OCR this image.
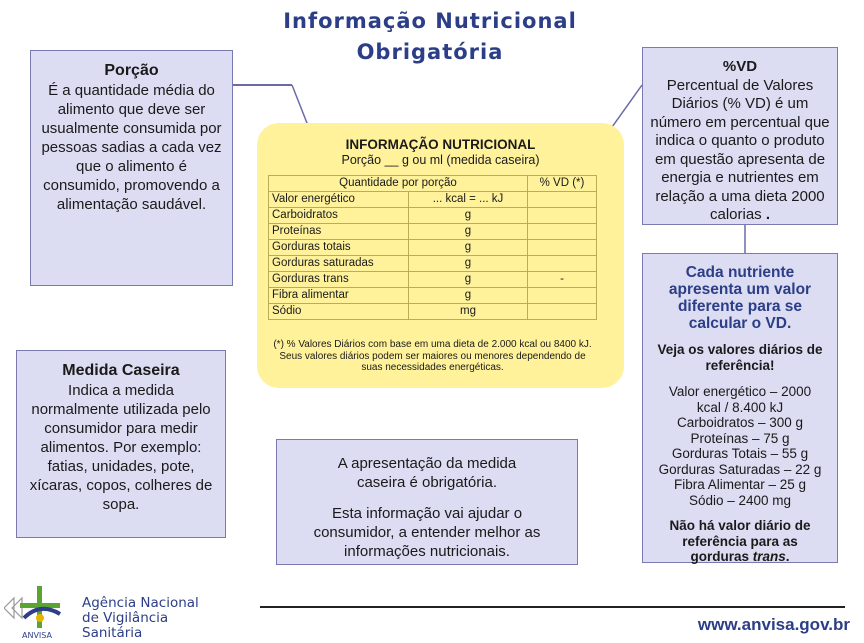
Informação Nutricional
Obrigatória
Porção
É a quantidade média do alimento que deve ser usualmente consumida por pessoas sadias a cada vez que o alimento é consumido, promovendo a alimentação saudável.
Medida Caseira
Indica a medida normalmente utilizada pelo consumidor para medir alimentos. Por exemplo: fatias, unidades, pote, xícaras, copos, colheres de sopa.
%VD

Percentual de Valores Diários (% VD) é um número em percentual que indica o quanto o produto em questão apresenta de energia e nutrientes em relação a uma dieta 2000 calorias .

Cada nutriente apresenta um valor diferente para se calcular o VD.
Veja os valores diários de referência!
Valor energético – 2000 kcal / 8.400 kJ
Carboidratos – 300 g
Proteínas – 75 g
Gorduras Totais – 55 g
Gorduras Saturadas – 22 g
Fibra Alimentar – 25 g
Sódio – 2400 mg
Não há valor diário de referência para as gorduras trans.

A apresentação da medida caseira é obrigatória.

Esta informação vai ajudar o consumidor, a entender melhor as informações nutricionais.

INFORMAÇÃO NUTRICIONAL
Porção __ g ou ml (medida caseira)
Quantidade por porção		% VD (*)
Valor energético	... kcal = ... kJ	
Carboidratos	g	
Proteínas	g	
Gorduras totais	g	
Gorduras saturadas	g	
Gorduras trans	g	-
Fibra alimentar	g	
Sódio	mg	
(*) % Valores Diários com base em uma dieta de 2.000 kcal ou 8400 kJ. Seus valores diários podem ser maiores ou menores dependendo de suas necessidades energéticas.
ANVISA
Agência Nacional
de Vigilância
Sanitária	www.anvisa.gov.br
